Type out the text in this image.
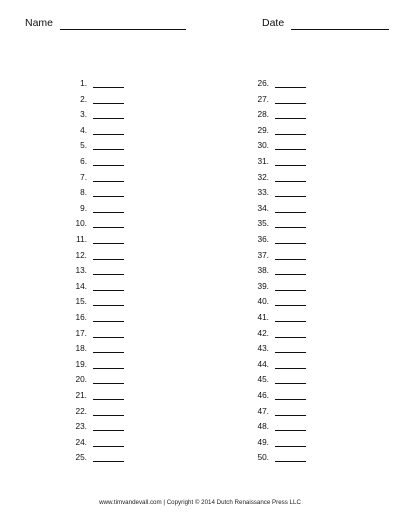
Name	Date
1.
2.
3.
4.
5.
6.
7.
8.
9.
10.
11.
12.
13.
14.
15.
16.
17.
18.
19.
20.
21.
22.
23.
24.
25.
26.
27.
28.
29.
30.
31.
32.
33.
34.
35.
36.
37.
38.
39.
40.
41.
42.
43.
44.
45.
46.
47.
48.
49.
50.
www.timvandevall.com | Copyright © 2014 Dutch Renaissance Press LLC
